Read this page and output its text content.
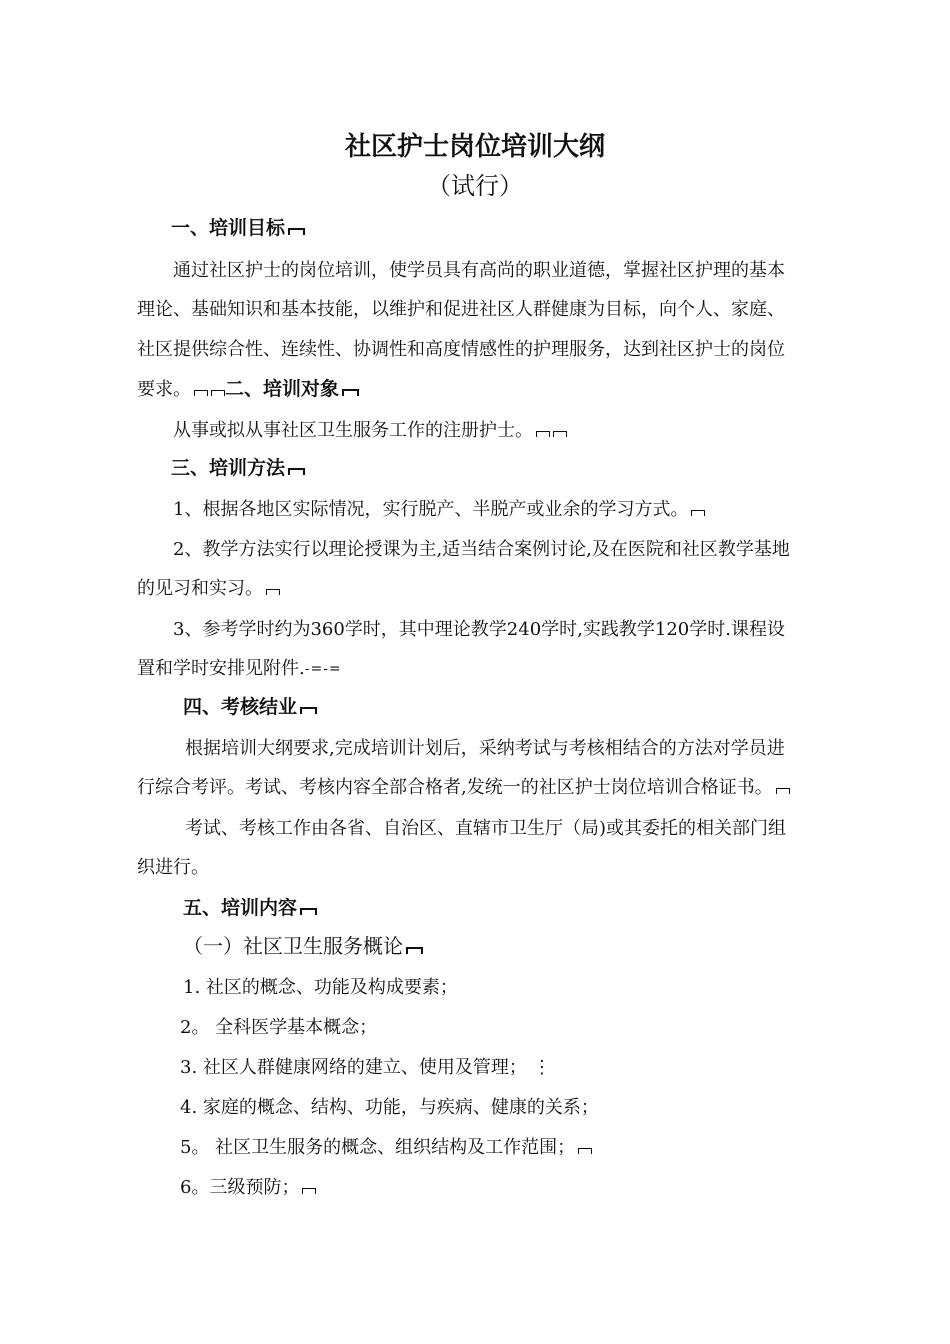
社区护士岗位培训大纲
（试行）
一、培训目标
通过社区护士的岗位培训，使学员具有高尚的职业道德，掌握社区护理的基本
理论、基础知识和基本技能，以维护和促进社区人群健康为目标，向个人、家庭、
社区提供综合性、连续性、协调性和高度情感性的护理服务，达到社区护士的岗位
要求。 二、培训对象
从事或拟从事社区卫生服务工作的注册护士。
三、培训方法
1、根据各地区实际情况，实行脱产、半脱产或业余的学习方式。
2、教学方法实行以理论授课为主,适当结合案例讨论,及在医院和社区教学基地
的见习和实习。
3、参考学时约为360学时，其中理论教学240学时,实践教学120学时.课程设
置和学时安排见附件.-=-=
四、考核结业
根据培训大纲要求,完成培训计划后，采纳考试与考核相结合的方法对学员进
行综合考评。考试、考核内容全部合格者,发统一的社区护士岗位培训合格证书。
考试、考核工作由各省、自治区、直辖市卫生厅（局)或其委托的相关部门组
织进行。
五、培训内容
（一）社区卫生服务概论
1. 社区的概念、功能及构成要素；
2。 全科医学基本概念；
3. 社区人群健康网络的建立、使用及管理； ⋮
4. 家庭的概念、结构、功能，与疾病、健康的关系；
5。 社区卫生服务的概念、组织结构及工作范围；
6。三级预防；
